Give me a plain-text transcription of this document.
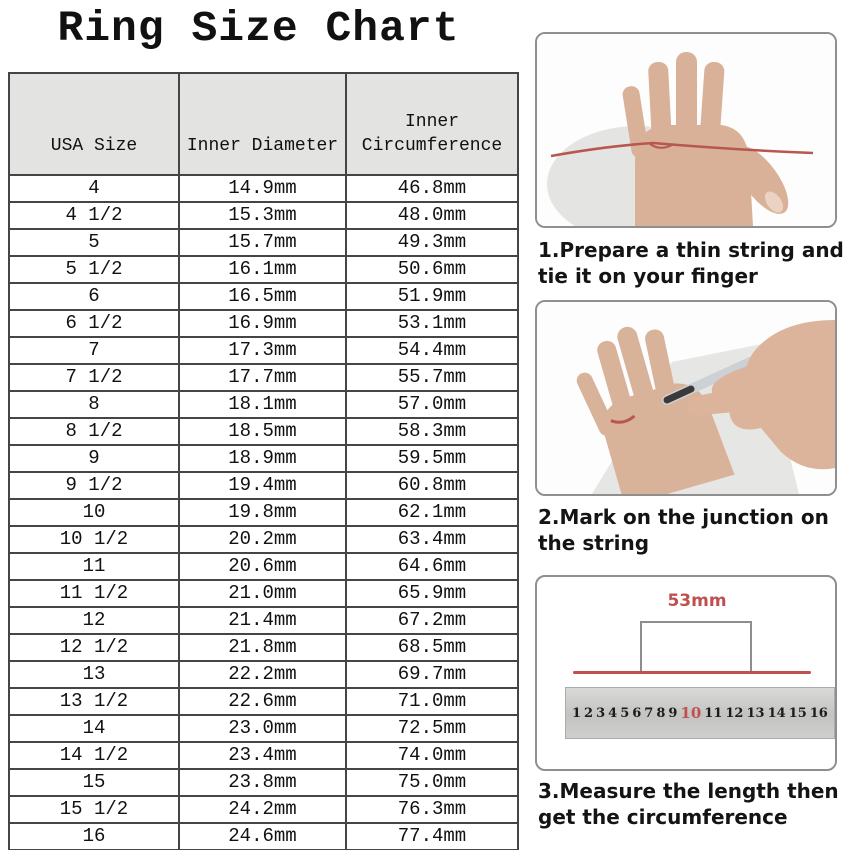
Ring Size Chart
USA Size	Inner Diameter	Inner Circumference
4	14.9mm	46.8mm
4 1/2	15.3mm	48.0mm
5	15.7mm	49.3mm
5 1/2	16.1mm	50.6mm
6	16.5mm	51.9mm
6 1/2	16.9mm	53.1mm
7	17.3mm	54.4mm
7 1/2	17.7mm	55.7mm
8	18.1mm	57.0mm
8 1/2	18.5mm	58.3mm
9	18.9mm	59.5mm
9 1/2	19.4mm	60.8mm
10	19.8mm	62.1mm
10 1/2	20.2mm	63.4mm
11	20.6mm	64.6mm
11 1/2	21.0mm	65.9mm
12	21.4mm	67.2mm
12 1/2	21.8mm	68.5mm
13	22.2mm	69.7mm
13 1/2	22.6mm	71.0mm
14	23.0mm	72.5mm
14 1/2	23.4mm	74.0mm
15	23.8mm	75.0mm
15 1/2	24.2mm	76.3mm
16	24.6mm	77.4mm

1.Prepare a thin string and tie it on your finger

2.Mark on the junction on the string

53mm
1 2 3 4 5 6 7 8 9 10 11 12 13 14 15 16

3.Measure the length then get the circumference
